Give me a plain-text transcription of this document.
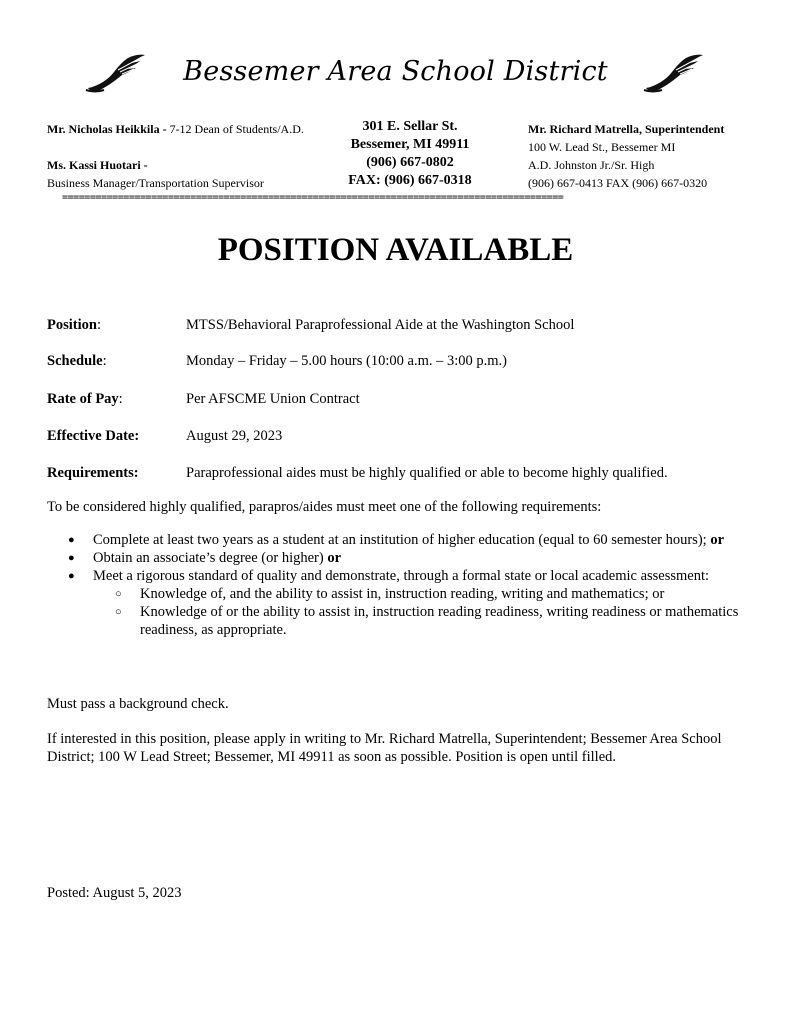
Bessemer Area School District
Mr. Nicholas Heikkila - 7-12 Dean of Students/A.D.
Ms. Kassi Huotari -
Business Manager/Transportation Supervisor
301 E. Sellar St.
Bessemer, MI 49911
(906) 667-0802
FAX: (906) 667-0318
Mr. Richard Matrella, Superintendent
100 W. Lead St., Bessemer MI
A.D. Johnston Jr./Sr. High
(906) 667-0413 FAX (906) 667-0320
==========================================================================================
POSITION AVAILABLE
Position:	MTSS/Behavioral Paraprofessional Aide at the Washington School
Schedule:	Monday – Friday – 5.00 hours (10:00 a.m. – 3:00 p.m.)
Rate of Pay:	Per AFSCME Union Contract
Effective Date:	August 29, 2023
Requirements:	Paraprofessional aides must be highly qualified or able to become highly qualified.
To be considered highly qualified, parapros/aides must meet one of the following requirements:
● Complete at least two years as a student at an institution of higher education (equal to 60 semester hours); or
● Obtain an associate’s degree (or higher) or
● Meet a rigorous standard of quality and demonstrate, through a formal state or local academic assessment:
○ Knowledge of, and the ability to assist in, instruction reading, writing and mathematics; or
○ Knowledge of or the ability to assist in, instruction reading readiness, writing readiness or mathematics readiness, as appropriate.
Must pass a background check.
If interested in this position, please apply in writing to Mr. Richard Matrella, Superintendent; Bessemer Area School District; 100 W Lead Street; Bessemer, MI 49911 as soon as possible. Position is open until filled.
Posted: August 5, 2023
